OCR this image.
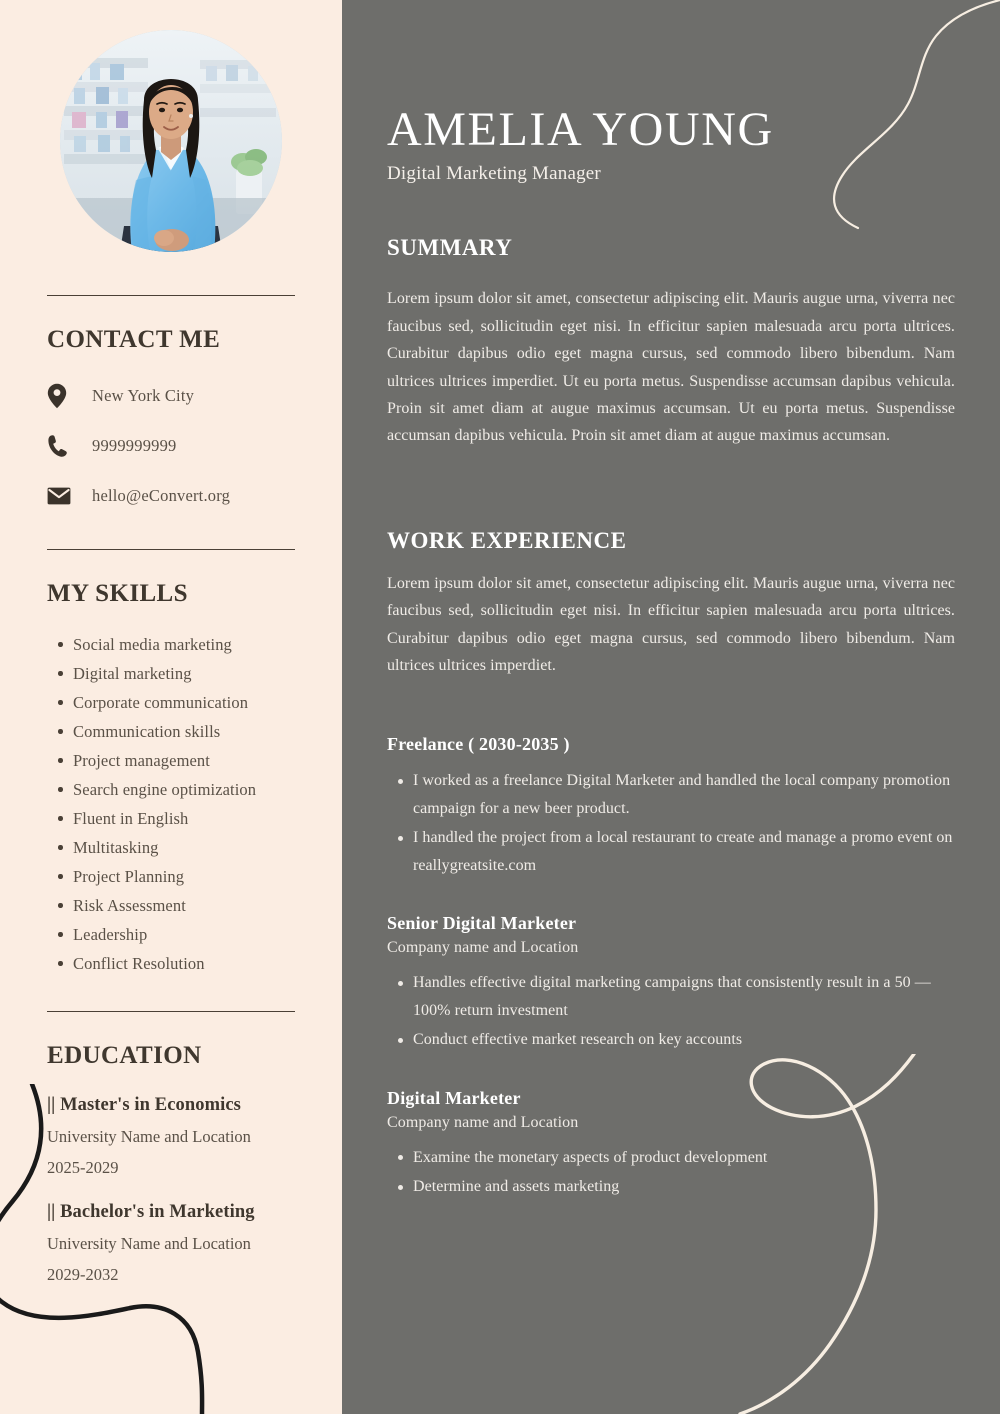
CONTACT ME
New York City
9999999999
hello@eConvert.org
MY SKILLS
Social media marketing
Digital marketing
Corporate communication
Communication skills
Project management
Search engine optimization
Fluent in English
Multitasking
Project Planning
Risk Assessment
Leadership
Conflict Resolution
EDUCATION

|| Master's in Economics

University Name and Location

2025-2029

|| Bachelor's in Marketing

University Name and Location

2029-2032

AMELIA YOUNG

Digital Marketing Manager

SUMMARY

Lorem ipsum dolor sit amet, consectetur adipiscing elit. Mauris augue urna, viverra nec faucibus sed, sollicitudin eget nisi. In efficitur sapien malesuada arcu porta ultrices. Curabitur dapibus odio eget magna cursus, sed commodo libero bibendum. Nam ultrices ultrices imperdiet. Ut eu porta metus. Suspendisse accumsan dapibus vehicula. Proin sit amet diam at augue maximus accumsan. Ut eu porta metus. Suspendisse accumsan dapibus vehicula. Proin sit amet diam at augue maximus accumsan.

WORK EXPERIENCE

Lorem ipsum dolor sit amet, consectetur adipiscing elit. Mauris augue urna, viverra nec faucibus sed, sollicitudin eget nisi. In efficitur sapien malesuada arcu porta ultrices. Curabitur dapibus odio eget magna cursus, sed commodo libero bibendum. Nam ultrices ultrices imperdiet.

Freelance ( 2030-2035 )

I worked as a freelance Digital Marketer and handled the local company promotion campaign for a new beer product.
I handled the project from a local restaurant to create and manage a promo event on reallygreatsite.com

Senior Digital Marketer

Company name and Location

Handles effective digital marketing campaigns that consistently result in a 50 — 100% return investment
Conduct effective market research on key accounts

Digital Marketer

Company name and Location

Examine the monetary aspects of product development
Determine and assets marketing
